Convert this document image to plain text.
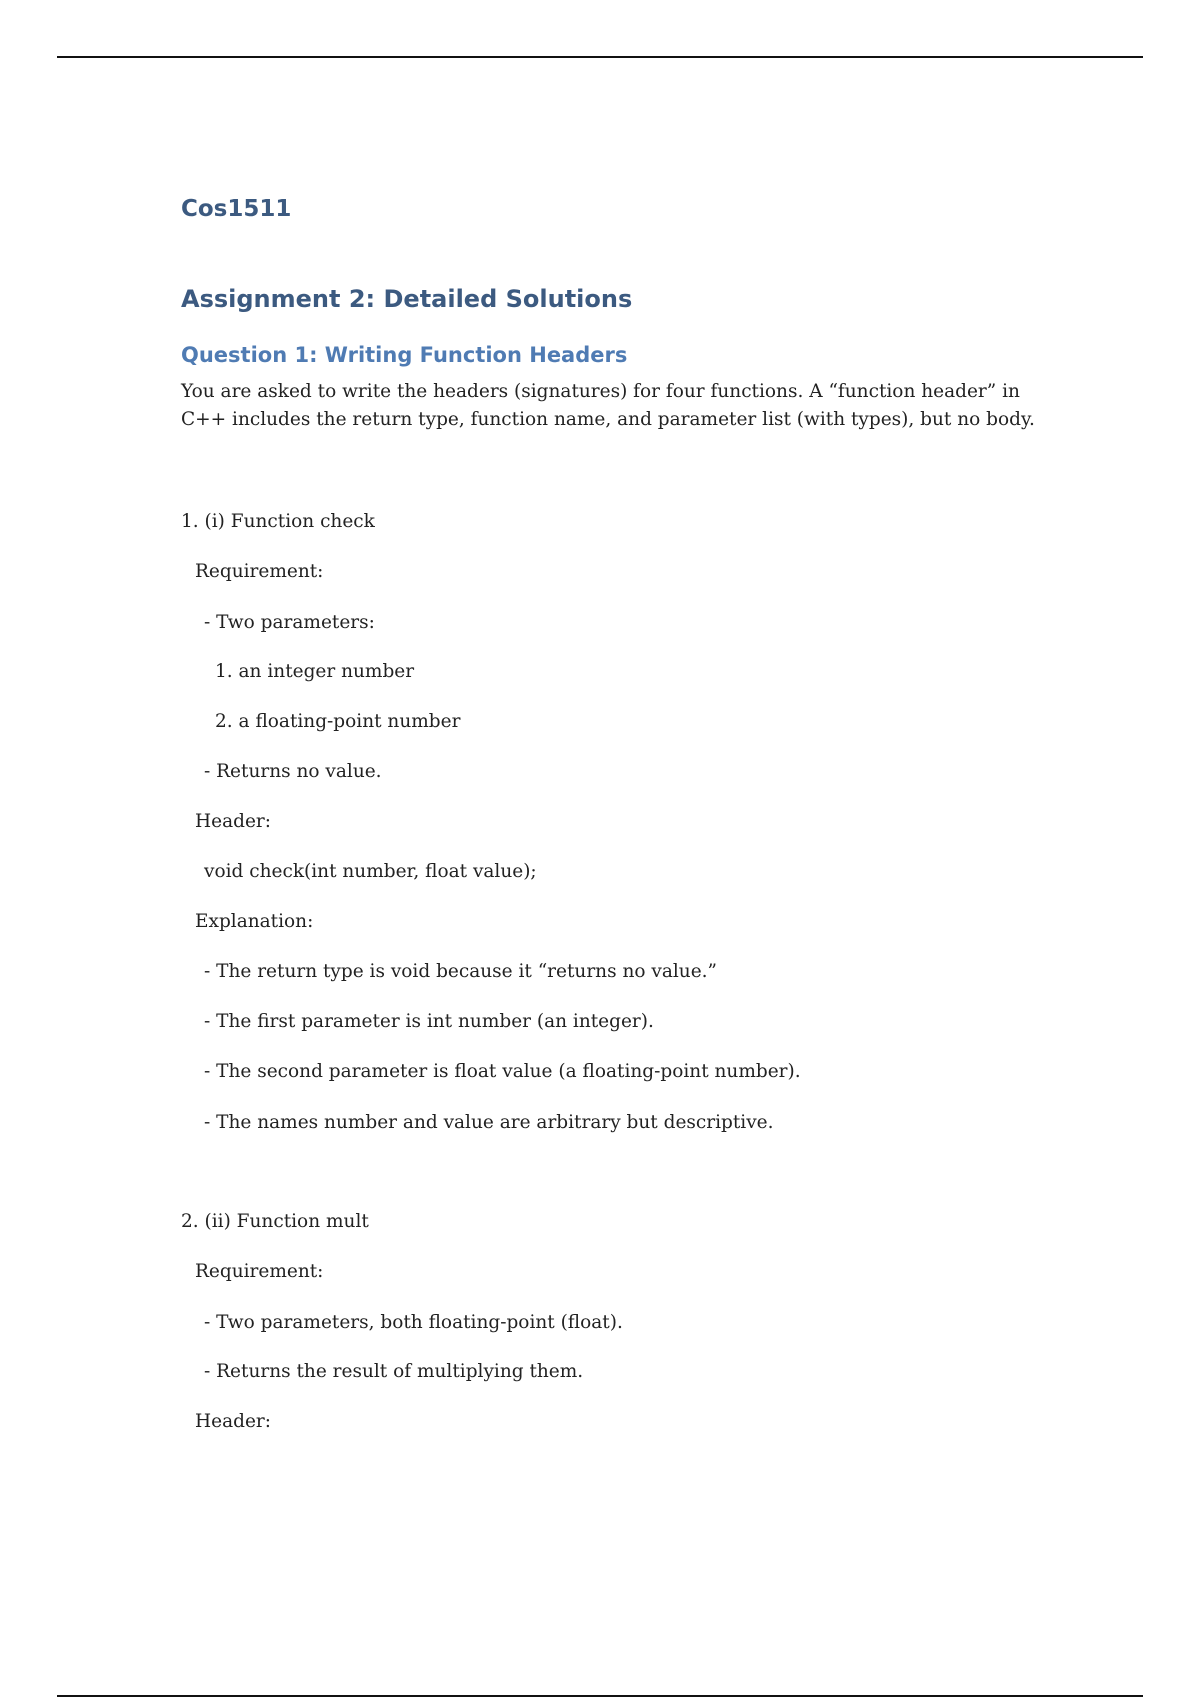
Cos1511
Assignment 2: Detailed Solutions
Question 1: Writing Function Headers

You are asked to write the headers (signatures) for four functions. A “function header” in C++ includes the return type, function name, and parameter list (with types), but no body.

1. (i) Function check

Requirement:

- Two parameters:

1. an integer number

2. a floating-point number

- Returns no value.

Header:

void check(int number, float value);

Explanation:

- The return type is void because it “returns no value.”

- The first parameter is int number (an integer).

- The second parameter is float value (a floating-point number).

- The names number and value are arbitrary but descriptive.

2. (ii) Function mult

Requirement:

- Two parameters, both floating-point (float).

- Returns the result of multiplying them.

Header:
